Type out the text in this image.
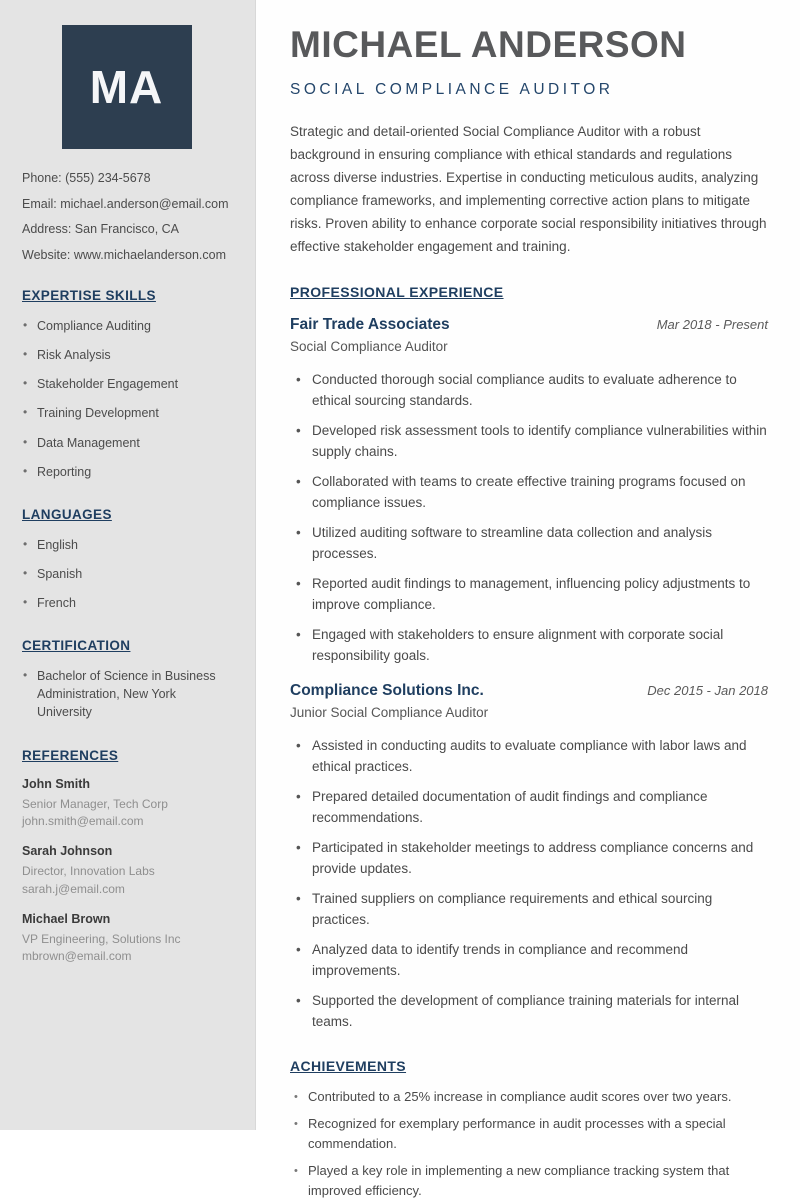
MA
Phone: (555) 234-5678
Email: michael.anderson@email.com
Address: San Francisco, CA
Website: www.michaelanderson.com
EXPERTISE SKILLS
• Compliance Auditing
• Risk Analysis
• Stakeholder Engagement
• Training Development
• Data Management
• Reporting
LANGUAGES
• English
• Spanish
• French
CERTIFICATION
• Bachelor of Science in Business Administration, New York University
REFERENCES
John Smith
Senior Manager, Tech Corp
john.smith@email.com
Sarah Johnson
Director, Innovation Labs
sarah.j@email.com
Michael Brown
VP Engineering, Solutions Inc
mbrown@email.com
MICHAEL ANDERSON
SOCIAL COMPLIANCE AUDITOR

Strategic and detail-oriented Social Compliance Auditor with a robust background in ensuring compliance with ethical standards and regulations across diverse industries. Expertise in conducting meticulous audits, analyzing compliance frameworks, and implementing corrective action plans to mitigate risks. Proven ability to enhance corporate social responsibility initiatives through effective stakeholder engagement and training.

PROFESSIONAL EXPERIENCE
Fair Trade Associates	Mar 2018 - Present
Social Compliance Auditor
• Conducted thorough social compliance audits to evaluate adherence to ethical sourcing standards.
• Developed risk assessment tools to identify compliance vulnerabilities within supply chains.
• Collaborated with teams to create effective training programs focused on compliance issues.
• Utilized auditing software to streamline data collection and analysis processes.
• Reported audit findings to management, influencing policy adjustments to improve compliance.
• Engaged with stakeholders to ensure alignment with corporate social responsibility goals.
Compliance Solutions Inc.	Dec 2015 - Jan 2018
Junior Social Compliance Auditor
• Assisted in conducting audits to evaluate compliance with labor laws and ethical practices.
• Prepared detailed documentation of audit findings and compliance recommendations.
• Participated in stakeholder meetings to address compliance concerns and provide updates.
• Trained suppliers on compliance requirements and ethical sourcing practices.
• Analyzed data to identify trends in compliance and recommend improvements.
• Supported the development of compliance training materials for internal teams.
ACHIEVEMENTS
• Contributed to a 25% increase in compliance audit scores over two years.
• Recognized for exemplary performance in audit processes with a special commendation.
• Played a key role in implementing a new compliance tracking system that improved efficiency.
